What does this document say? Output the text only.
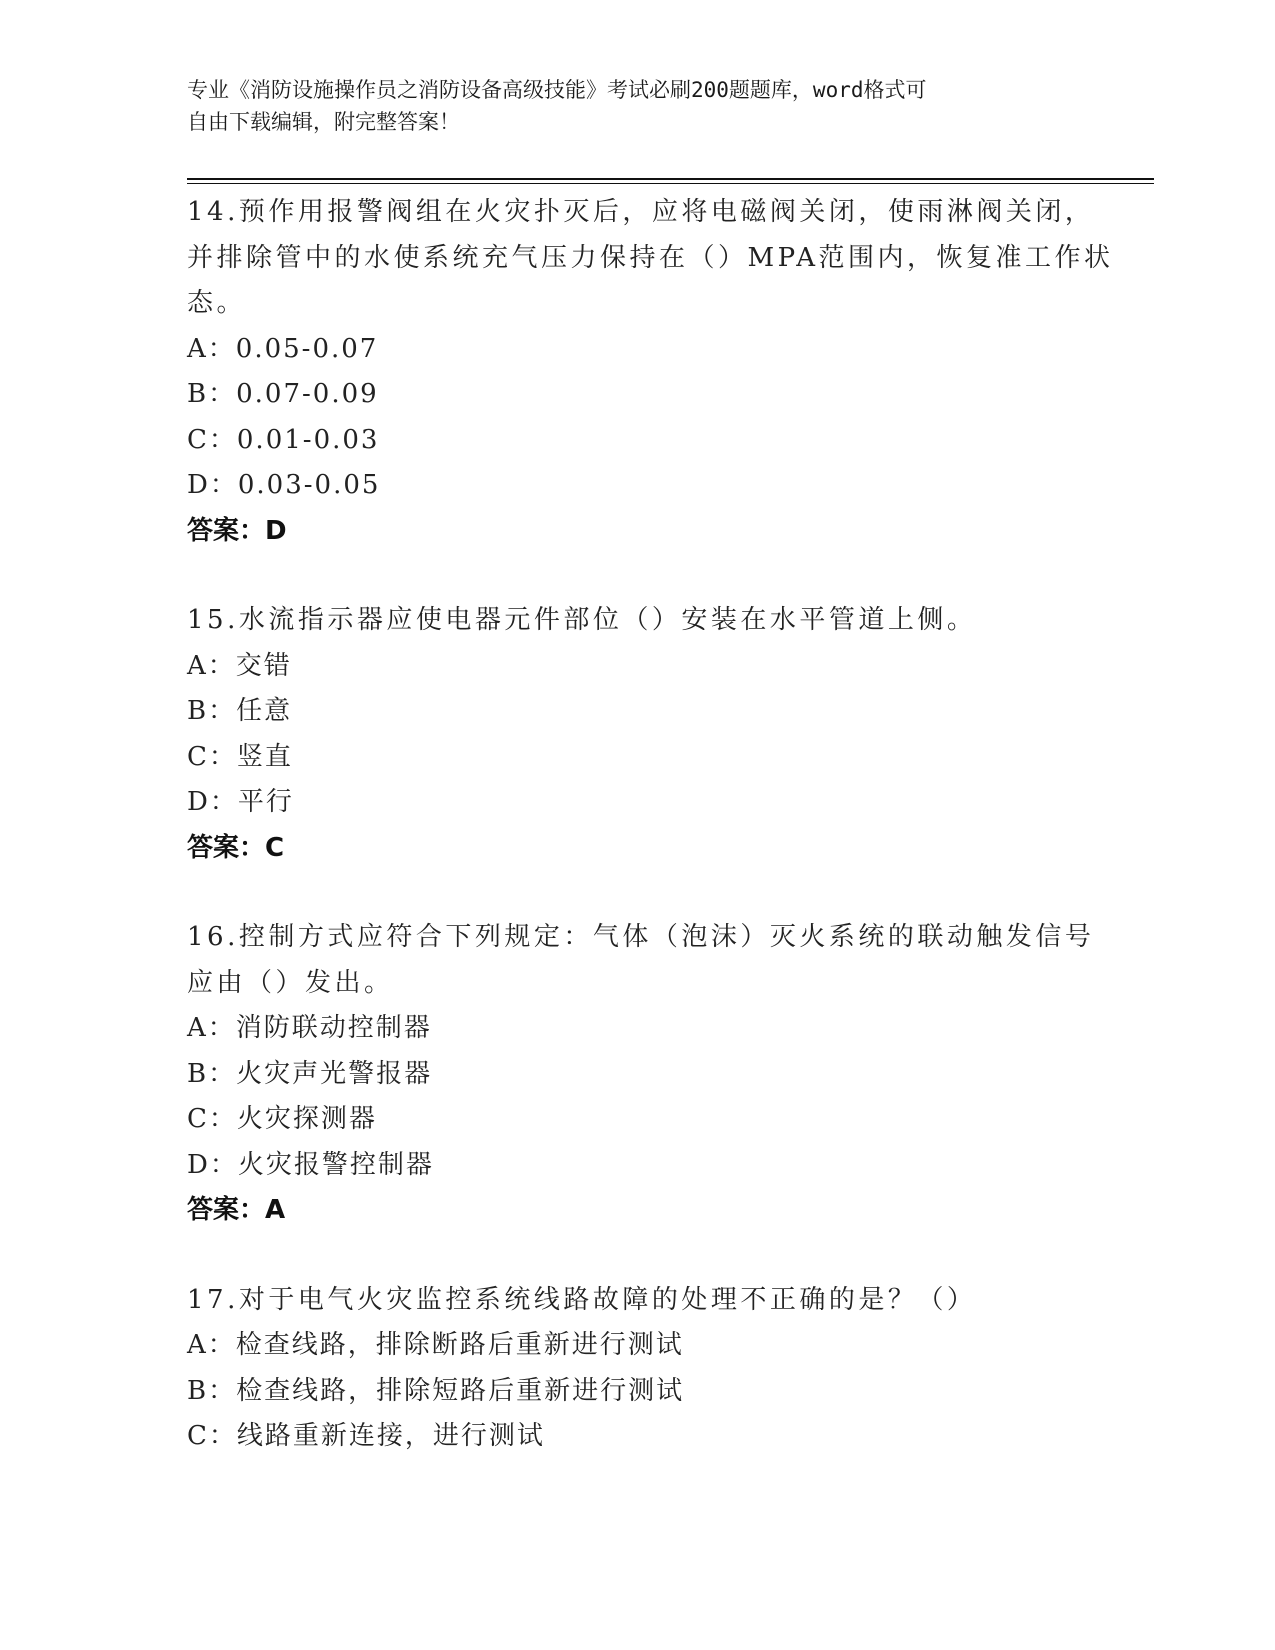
专业《消防设施操作员之消防设备高级技能》考试必刷200题题库，word格式可
自由下载编辑，附完整答案！
14.预作用报警阀组在火灾扑灭后，应将电磁阀关闭，使雨淋阀关闭，
并排除管中的水使系统充气压力保持在（）MPA范围内，恢复准工作状
态。
A：0.05-0.07
B：0.07-0.09
C：0.01-0.03
D：0.03-0.05
答案：D
15.水流指示器应使电器元件部位（）安装在水平管道上侧。
A：交错
B：任意
C：竖直
D：平行
答案：C
16.控制方式应符合下列规定：气体（泡沫）灭火系统的联动触发信号
应由（）发出。
A：消防联动控制器
B：火灾声光警报器
C：火灾探测器
D：火灾报警控制器
答案：A
17.对于电气火灾监控系统线路故障的处理不正确的是？（）
A：检查线路，排除断路后重新进行测试
B：检查线路，排除短路后重新进行测试
C：线路重新连接，进行测试
